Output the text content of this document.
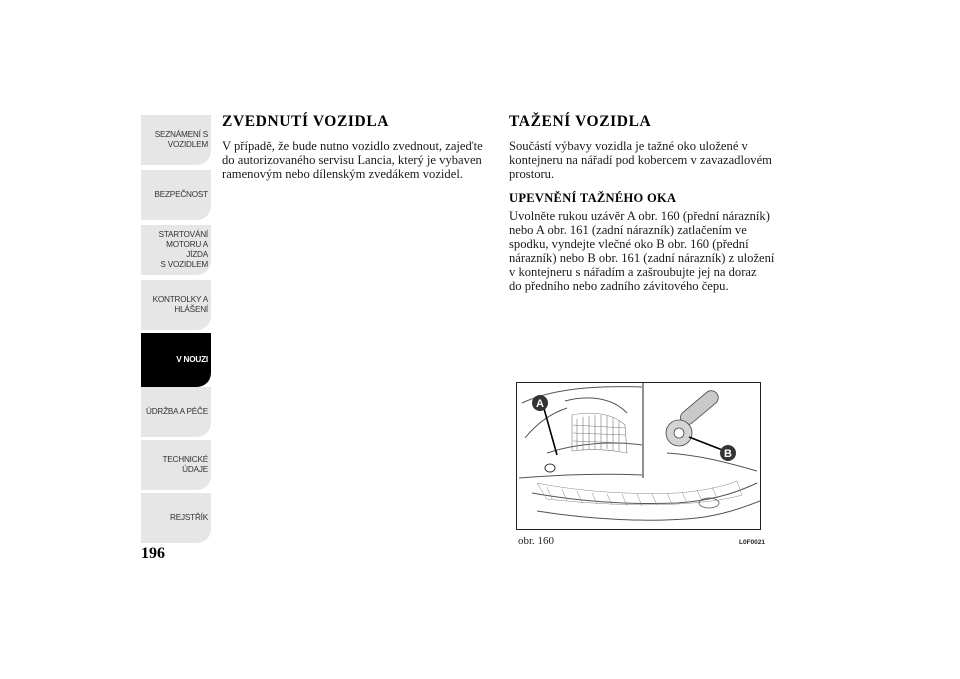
SEZNÁMENÍ S
VOZIDLEM
BEZPEČNOST
STARTOVÁNÍ
MOTORU A JÍZDA
S VOZIDLEM
KONTROLKY A
HLÁŠENÍ
V NOUZI
ÚDRŽBA A PÉČE
TECHNICKÉ
ÚDAJE
REJSTŘÍK
196
ZVEDNUTÍ VOZIDLA

V případě, že bude nutno vozidlo zvednout, zajeďte
do autorizovaného servisu Lancia, který je vybaven
ramenovým nebo dílenským zvedákem vozidel.

TAŽENÍ VOZIDLA

Součástí výbavy vozidla je tažné oko uložené v
kontejneru na nářadí pod kobercem v zavazadlovém
prostoru.

UPEVNĚNÍ TAŽNÉHO OKA

Uvolněte rukou uzávěr A obr. 160 (přední nárazník)
nebo A obr. 161 (zadní nárazník) zatlačením ve
spodku, vyndejte vlečné oko B obr. 160 (přední
nárazník) nebo B obr. 161 (zadní nárazník) z uložení
v kontejneru s nářadím a zašroubujte jej na doraz
do předního nebo zadního závitového čepu.

A
B
obr. 160	L0F0021
